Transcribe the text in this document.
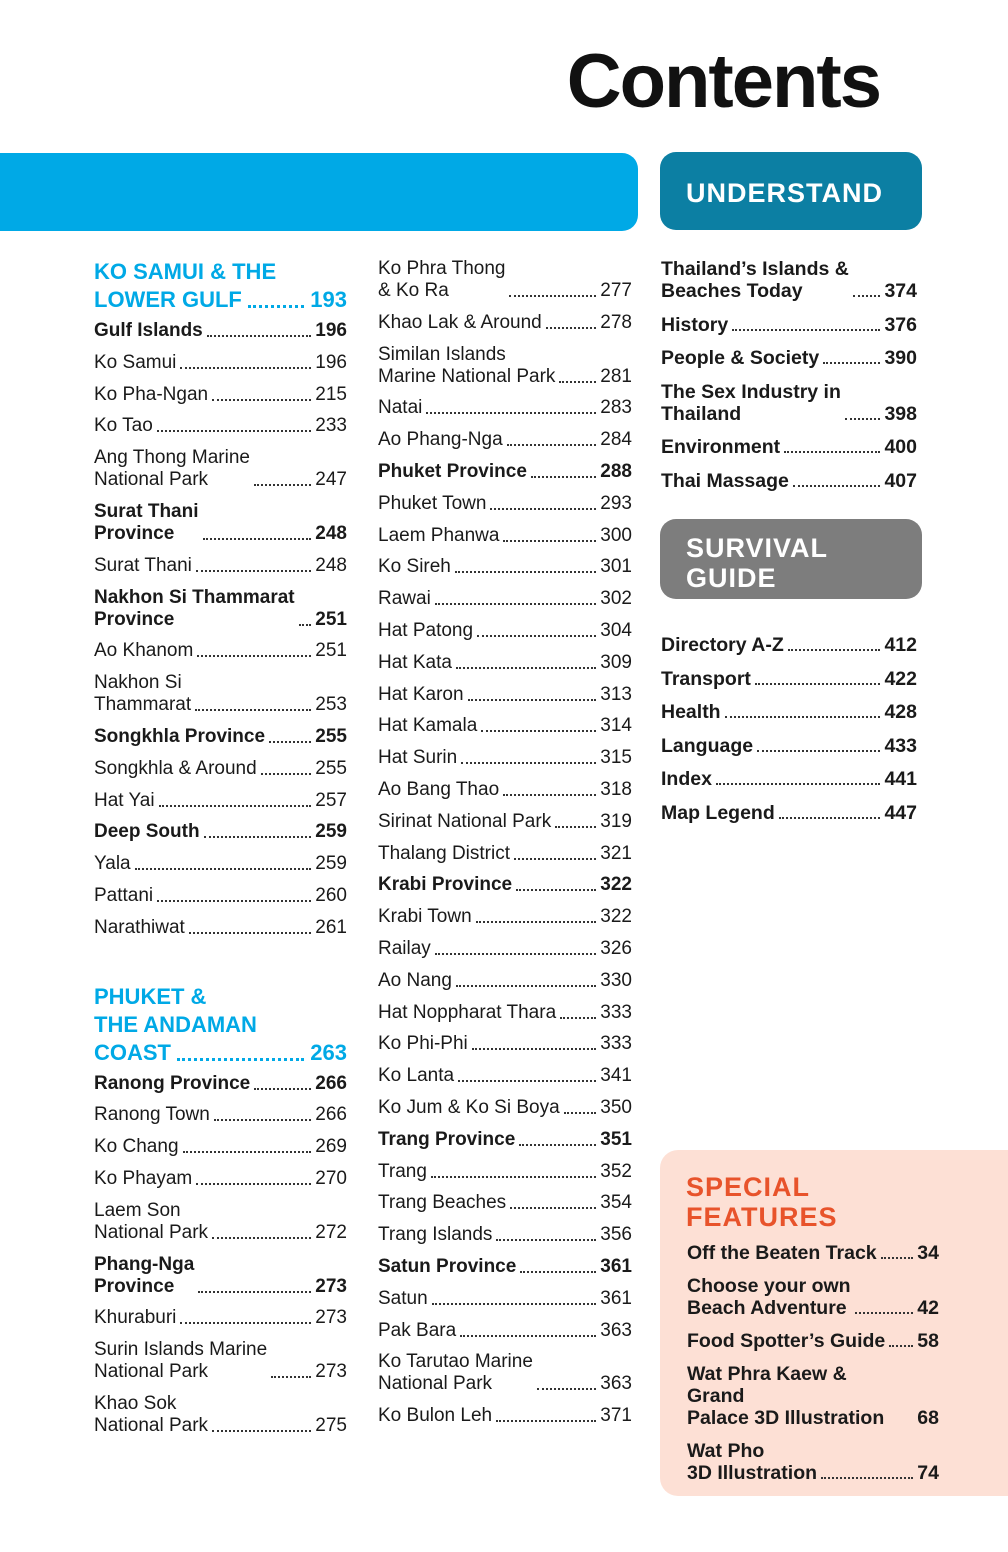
Contents
UNDERSTAND
KO SAMUI & THE
LOWER GULF	193
Gulf Islands	196
Ko Samui	196
Ko Pha-Ngan	215
Ko Tao	233
Ang Thong Marine
National Park	247
Surat Thani
Province	248
Surat Thani	248
Nakhon Si Thammarat
Province	251
Ao Khanom	251
Nakhon Si
Thammarat	253
Songkhla Province	255
Songkhla & Around	255
Hat Yai	257
Deep South	259
Yala	259
Pattani	260
Narathiwat	261
PHUKET &
THE ANDAMAN
COAST	263
Ranong Province	266
Ranong Town	266
Ko Chang	269
Ko Phayam	270
Laem Son
National Park	272
Phang-Nga
Province	273
Khuraburi	273
Surin Islands Marine
National Park	273
Khao Sok
National Park	275
Ko Phra Thong
& Ko Ra	277
Khao Lak & Around	278
Similan Islands
Marine National Park 281
Natai	283
Ao Phang-Nga	284
Phuket Province	288
Phuket Town	293
Laem Phanwa	300
Ko Sireh	301
Rawai	302
Hat Patong	304
Hat Kata	309
Hat Karon	313
Hat Kamala	314
Hat Surin	315
Ao Bang Thao	318
Sirinat National Park	319
Thalang District	321
Krabi Province	322
Krabi Town	322
Railay	326
Ao Nang	330
Hat Noppharat Thara 333
Ko Phi-Phi	333
Ko Lanta	341
Ko Jum & Ko Si Boya 350
Trang Province	351
Trang	352
Trang Beaches	354
Trang Islands	356
Satun Province	361
Satun	361
Pak Bara	363
Ko Tarutao Marine
National Park	363
Ko Bulon Leh	371
Thailand’s Islands &
Beaches Today	374
History	376
People & Society	390
The Sex Industry in
Thailand	398
Environment	400
Thai Massage	407
SURVIVAL
GUIDE
Directory A-Z	412
Transport	422
Health	428
Language	433
Index	441
Map Legend	447
SPECIAL
FEATURES
Off the Beaten Track 34
Choose your own
Beach Adventure	42
Food Spotter’s Guide 58
Wat Phra Kaew & Grand
Palace 3D Illustration	68
Wat Pho
3D Illustration	74
